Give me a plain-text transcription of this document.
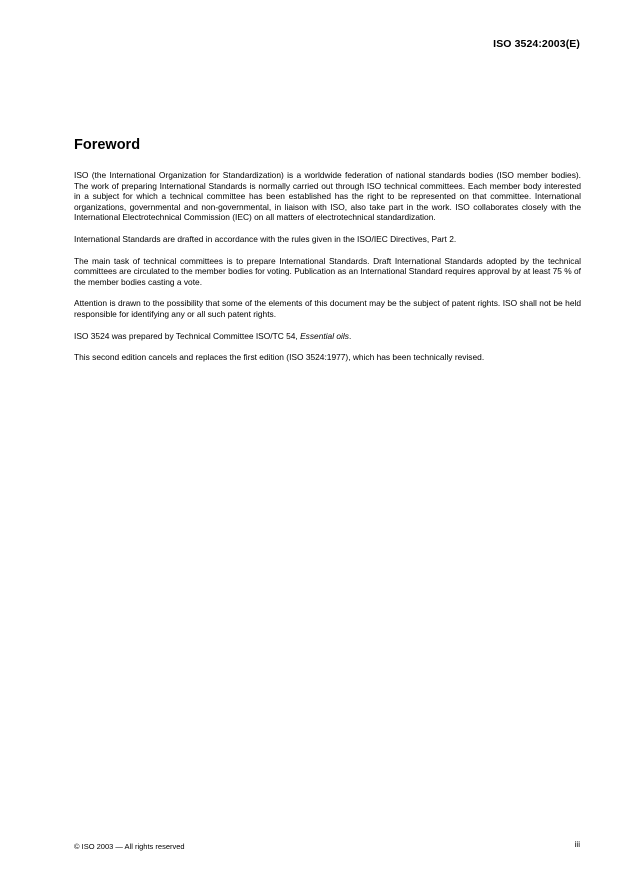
ISO 3524:2003(E)
Foreword

ISO (the International Organization for Standardization) is a worldwide federation of national standards bodies (ISO member bodies). The work of preparing International Standards is normally carried out through ISO technical committees. Each member body interested in a subject for which a technical committee has been established has the right to be represented on that committee. International organizations, governmental and non-governmental, in liaison with ISO, also take part in the work. ISO collaborates closely with the International Electrotechnical Commission (IEC) on all matters of electrotechnical standardization.

International Standards are drafted in accordance with the rules given in the ISO/IEC Directives, Part 2.

The main task of technical committees is to prepare International Standards. Draft International Standards adopted by the technical committees are circulated to the member bodies for voting. Publication as an International Standard requires approval by at least 75 % of the member bodies casting a vote.

Attention is drawn to the possibility that some of the elements of this document may be the subject of patent rights. ISO shall not be held responsible for identifying any or all such patent rights.

ISO 3524 was prepared by Technical Committee ISO/TC 54, Essential oils.

This second edition cancels and replaces the first edition (ISO 3524:1977), which has been technically revised.

© ISO 2003 — All rights reserved	iii
